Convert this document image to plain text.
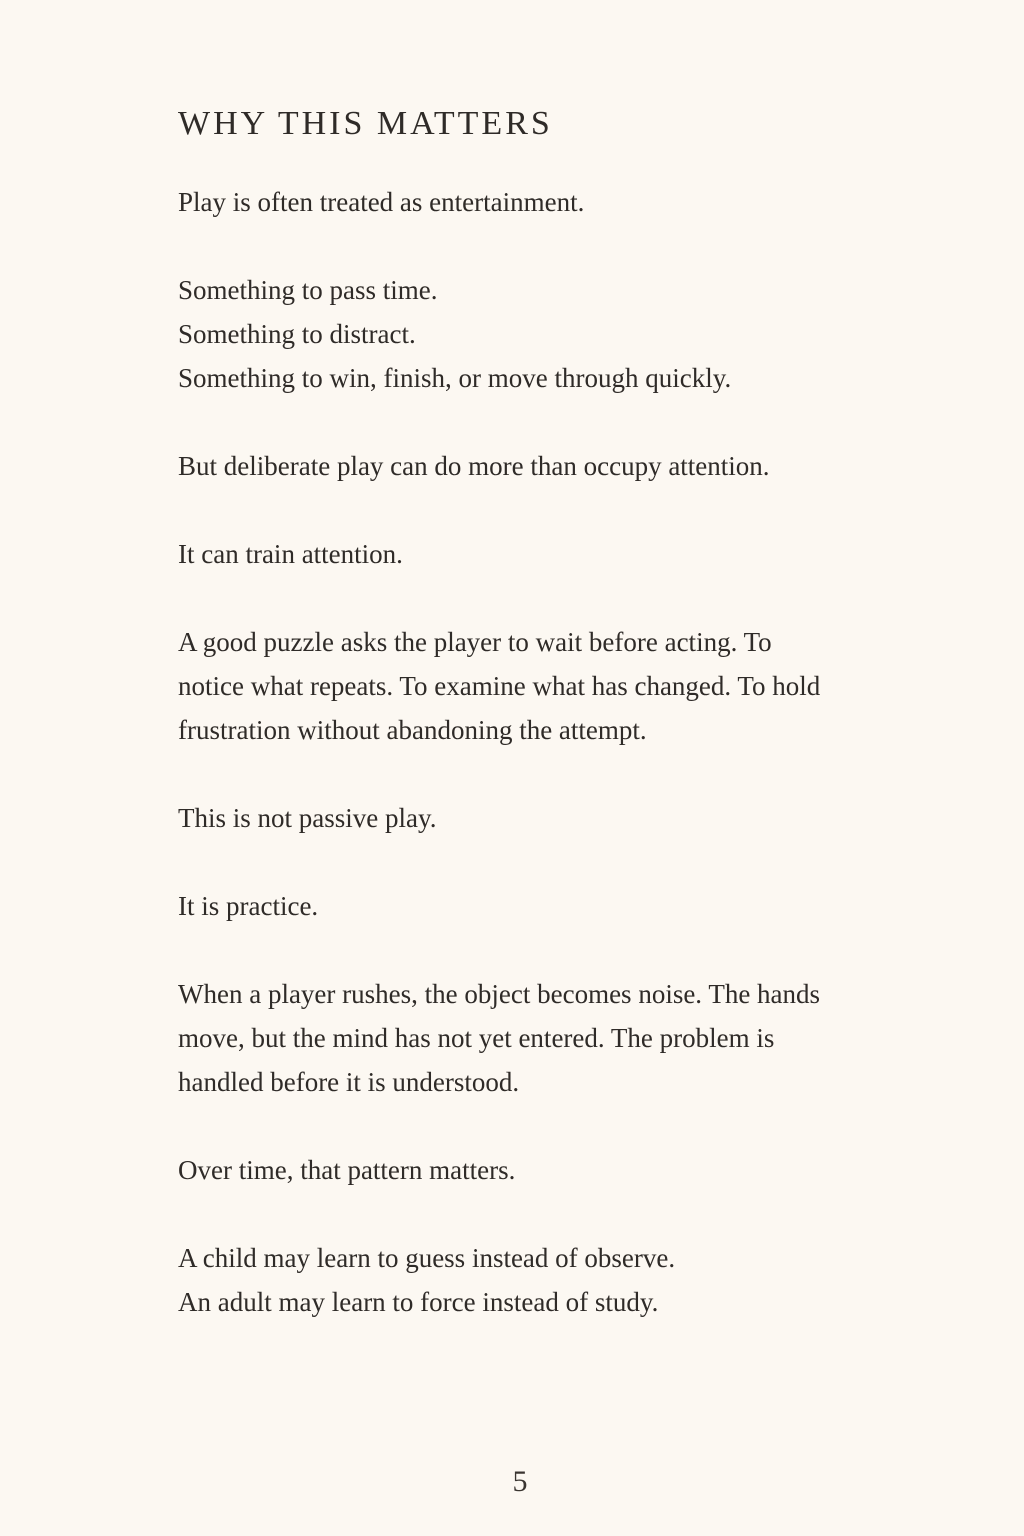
WHY THIS MATTERS

Play is often treated as entertainment.

Something to pass time.
Something to distract.
Something to win, finish, or move through quickly.

But deliberate play can do more than occupy attention.

It can train attention.

A good puzzle asks the player to wait before acting. To
notice what repeats. To examine what has changed. To hold
frustration without abandoning the attempt.

This is not passive play.

It is practice.

When a player rushes, the object becomes noise. The hands
move, but the mind has not yet entered. The problem is
handled before it is understood.

Over time, that pattern matters.

A child may learn to guess instead of observe.
An adult may learn to force instead of study.

5
